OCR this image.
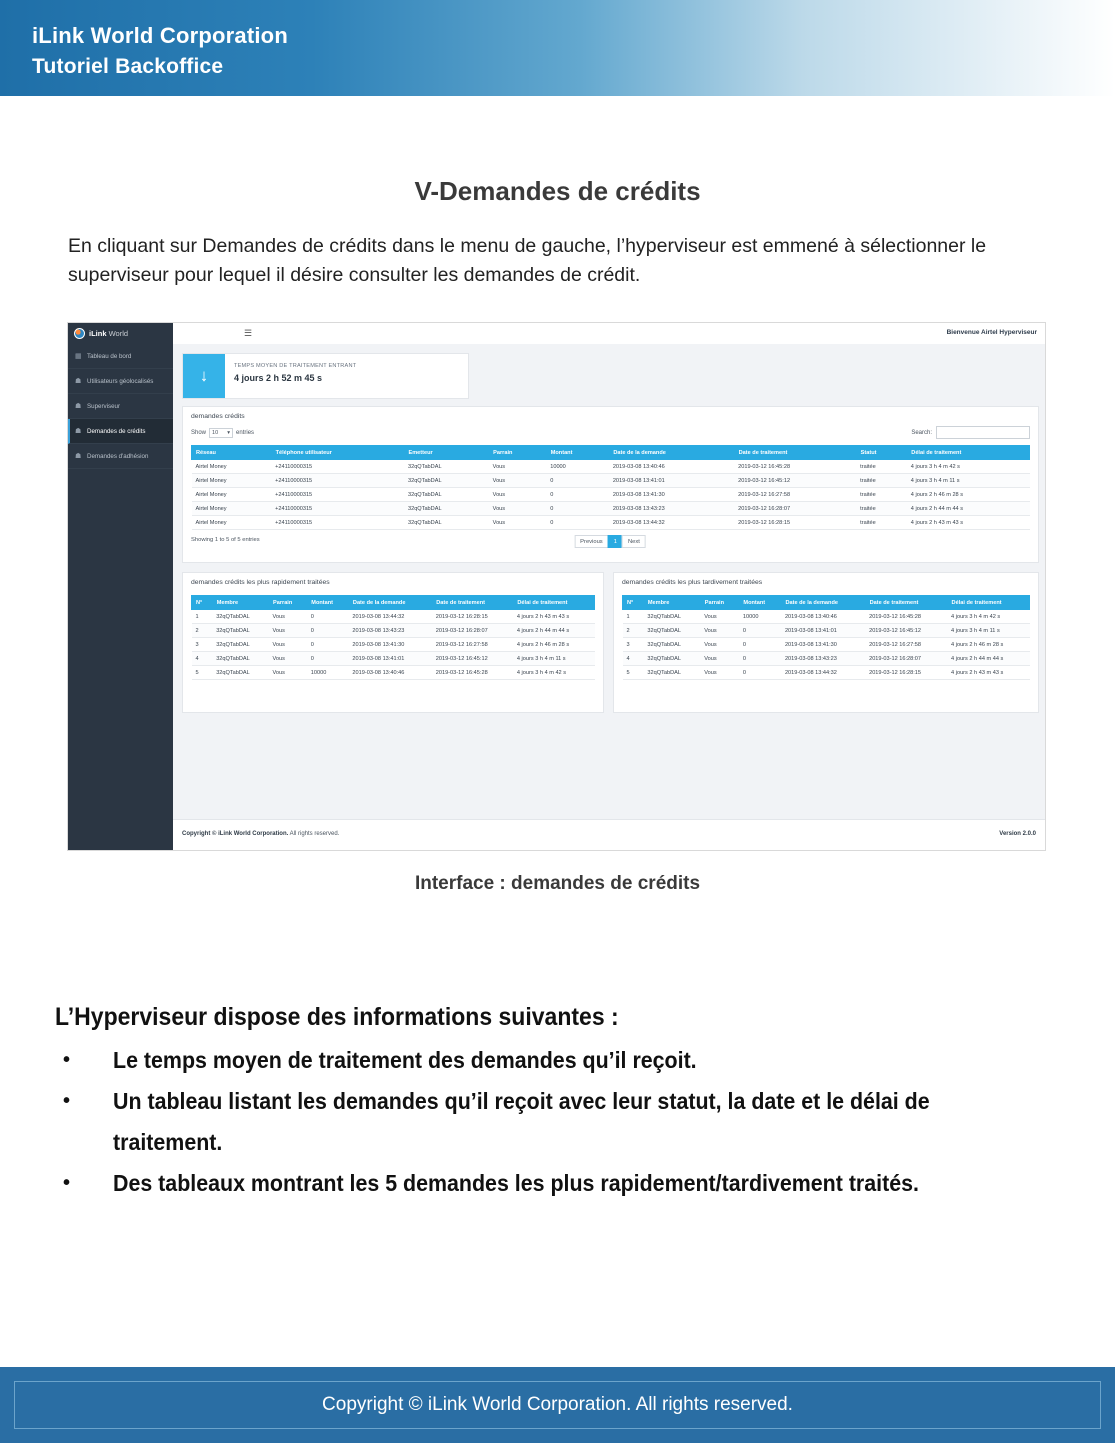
iLink World Corporation
Tutoriel Backoffice
V-Demandes de crédits
En cliquant sur Demandes de crédits dans le menu de gauche, l’hyperviseur est emmené à sélectionner le superviseur pour lequel il désire consulter les demandes de crédit.
iLink World	☰	Bienvenue Airtel Hyperviseur
▦ Tableau de bord
☗ Utilisateurs géolocalisés
☗ Superviseur
☗ Demandes de crédits
☗ Demandes d'adhésion
↓	TEMPS MOYEN DE TRAITEMENT ENTRANT
4 jours 2 h 52 m 45 s
demandes crédits
Show 10 ▾ entries	Search:
Réseau	Téléphone utilisateur	Emetteur	Parrain	Montant	Date de la demande	Date de traitement	Statut	Délai de traitement
Airtel Money	+24110000315	32qQTabDAL	Vous	10000	2019-03-08 13:40:46	2019-03-12 16:45:28	traitée	4 jours 3 h 4 m 42 s
Airtel Money	+24110000315	32qQTabDAL	Vous	0	2019-03-08 13:41:01	2019-03-12 16:45:12	traitée	4 jours 3 h 4 m 11 s
Airtel Money	+24110000315	32qQTabDAL	Vous	0	2019-03-08 13:41:30	2019-03-12 16:27:58	traitée	4 jours 2 h 46 m 28 s
Airtel Money	+24110000315	32qQTabDAL	Vous	0	2019-03-08 13:43:23	2019-03-12 16:28:07	traitée	4 jours 2 h 44 m 44 s
Airtel Money	+24110000315	32qQTabDAL	Vous	0	2019-03-08 13:44:32	2019-03-12 16:28:15	traitée	4 jours 2 h 43 m 43 s
Showing 1 to 5 of 5 entries	Previous	1	Next
demandes crédits les plus rapidement traitées
N°	Membre	Parrain	Montant	Date de la demande	Date de traitement	Délai de traitement
1	32qQTabDAL	Vous	0	2019-03-08 13:44:32	2019-03-12 16:28:15	4 jours 2 h 43 m 43 s
2	32qQTabDAL	Vous	0	2019-03-08 13:43:23	2019-03-12 16:28:07	4 jours 2 h 44 m 44 s
3	32qQTabDAL	Vous	0	2019-03-08 13:41:30	2019-03-12 16:27:58	4 jours 2 h 46 m 28 s
4	32qQTabDAL	Vous	0	2019-03-08 13:41:01	2019-03-12 16:45:12	4 jours 3 h 4 m 11 s
5	32qQTabDAL	Vous	10000	2019-03-08 13:40:46	2019-03-12 16:45:28	4 jours 3 h 4 m 42 s
demandes crédits les plus tardivement traitées
N°	Membre	Parrain	Montant	Date de la demande	Date de traitement	Délai de traitement
1	32qQTabDAL	Vous	10000	2019-03-08 13:40:46	2019-03-12 16:45:28	4 jours 3 h 4 m 42 s
2	32qQTabDAL	Vous	0	2019-03-08 13:41:01	2019-03-12 16:45:12	4 jours 3 h 4 m 11 s
3	32qQTabDAL	Vous	0	2019-03-08 13:41:30	2019-03-12 16:27:58	4 jours 2 h 46 m 28 s
4	32qQTabDAL	Vous	0	2019-03-08 13:43:23	2019-03-12 16:28:07	4 jours 2 h 44 m 44 s
5	32qQTabDAL	Vous	0	2019-03-08 13:44:32	2019-03-12 16:28:15	4 jours 2 h 43 m 43 s
Copyright © iLink World Corporation. All rights reserved.	Version 2.0.0
Interface : demandes de crédits
L’Hyperviseur dispose des informations suivantes :
• Le temps moyen de traitement des demandes qu’il reçoit.
• Un tableau listant les demandes qu’il reçoit avec leur statut, la date et le délai de traitement.
• Des tableaux montrant les 5 demandes les plus rapidement/tardivement traités.
Copyright © iLink World Corporation. All rights reserved.
